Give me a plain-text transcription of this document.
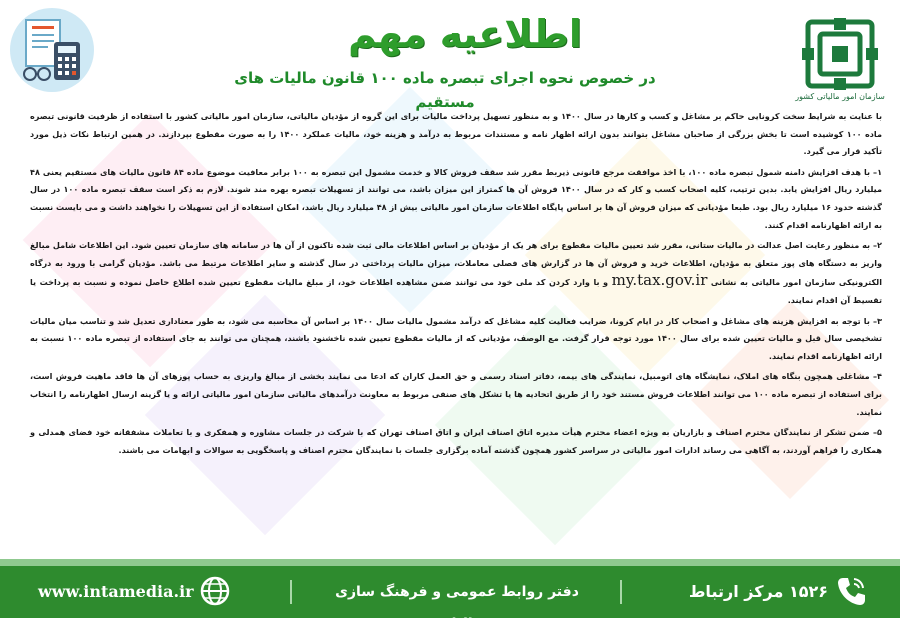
سازمان امور مالیاتی کشور
اطلاعیه مهم
در خصوص نحوه اجرای تبصره ماده ۱۰۰ قانون مالیات های مستقیم

با عنایت به شرایط سخت کرونایی حاکم بر مشاغل و کسب و کارها در سال ۱۴۰۰ و به منظور تسهیل پرداخت مالیات برای این گروه از مؤدیان مالیاتی، سازمان امور مالیاتی کشور با استفاده از ظرفیت قانونی تبصره ماده ۱۰۰ کوشیده است تا بخش بزرگی از صاحبان مشاغل بتوانند بدون ارائه اظهار نامه و مستندات مربوط به درآمد و هزینه خود، مالیات عملکرد ۱۴۰۰ را به صورت مقطوع بپردازند. در همین ارتباط نکات ذیل مورد تأکید قرار می گیرد.

۱– با هدف افزایش دامنه شمول تبصره ماده ۱۰۰، با اخذ موافقت مرجع قانونی ذیربط مقرر شد سقف فروش کالا و خدمت مشمول این تبصره به ۱۰۰ برابر معافیت موضوع ماده ۸۴ قانون مالیات های مستقیم یعنی ۴۸ میلیارد ریال افزایش یابد. بدین ترتیب، کلیه اصحاب کسب و کار که در سال ۱۴۰۰ فروش آن ها کمتراز این میزان باشد، می توانند از تسهیلات تبصره بهره مند شوند. لازم به ذکر است سقف تبصره ماده ۱۰۰ در سال گذشته حدود ۱۶ میلیارد ریال بود. طبعا مؤدیانی که میزان فروش آن ها بر اساس پایگاه اطلاعات سازمان امور مالیاتی بیش از ۴۸ میلیارد ریال باشد، امکان استفاده از این تسهیلات را نخواهند داشت و می بایست نسبت به ارائه اظهارنامه اقدام کنند.

۲– به منظور رعایت اصل عدالت در مالیات ستانی، مقرر شد تعیین مالیات مقطوع برای هر یک از مؤدیان بر اساس اطلاعات مالی ثبت شده تاکنون از آن ها در سامانه های سازمان تعیین شود. این اطلاعات شامل مبالغ واریز به دستگاه های پوز متعلق به مؤدیان، اطلاعات خرید و فروش آن ها در گزارش های فصلی معاملات، میزان مالیات پرداختی در سال گذشته و سایر اطلاعات مرتبط می باشد. مؤدیان گرامی با ورود به درگاه الکترونیکی سازمان امور مالیاتی به نشانی my.tax.gov.ir و با وارد کردن کد ملی خود می توانند ضمن مشاهده اطلاعات خود، از مبلغ مالیات مقطوع تعیین شده اطلاع حاصل نموده و نسبت به پرداخت یا تقسیط آن اقدام نمایند.

۳– با توجه به افزایش هزینه های مشاغل و اصحاب کار در ایام کرونا، ضرایب فعالیت کلیه مشاغل که درآمد مشمول مالیات سال ۱۴۰۰ بر اساس آن محاسبه می شود، به طور معناداری تعدیل شد و تناسب میان مالیات تشخیصی سال قبل و مالیات تعیین شده برای سال ۱۴۰۰ مورد توجه قرار گرفت. مع الوصف، مؤدیانی که از مالیات مقطوع تعیین شده ناخشنود باشند، همچنان می توانند به جای استفاده از تبصره ماده ۱۰۰ نسبت به ارائه اظهارنامه اقدام نمایند.

۴– مشاغلی همچون بنگاه های املاک، نمایشگاه های اتومبیل، نمایندگی های بیمه، دفاتر اسناد رسمی و حق العمل کاران که ادعا می نمایند بخشی از مبالغ واریزی به حساب پوزهای آن ها فاقد ماهیت فروش است، برای استفاده از تبصره ماده ۱۰۰ می توانند اطلاعات فروش مستند خود را از طریق اتحادیه ها یا تشکل های صنفی مربوط به معاونت درآمدهای مالیاتی سازمان امور مالیاتی ارائه و یا گزینه ارسال اظهارنامه را انتخاب نمایند.

۵– ضمن تشکر از نمایندگان محترم اصناف و بازاریان به ویژه اعضاء محترم هیأت مدیره اتاق اصناف ایران و اتاق اصناف تهران که با شرکت در جلسات مشاوره و همفکری و با تعاملات مشفقانه خود فضای همدلی و همکاری را فراهم آوردند، به آگاهی می رساند ادارات امور مالیاتی در سراسر کشور همچون گذشته آماده برگزاری جلسات با نمایندگان محترم اصناف و پاسخگویی به سوالات و ابهامات می باشند.

۱۵۲۶ مرکز ارتباط مردمی
دفتر روابط عمومی و فرهنگ سازی مالیاتی
www.intamedia.ir
